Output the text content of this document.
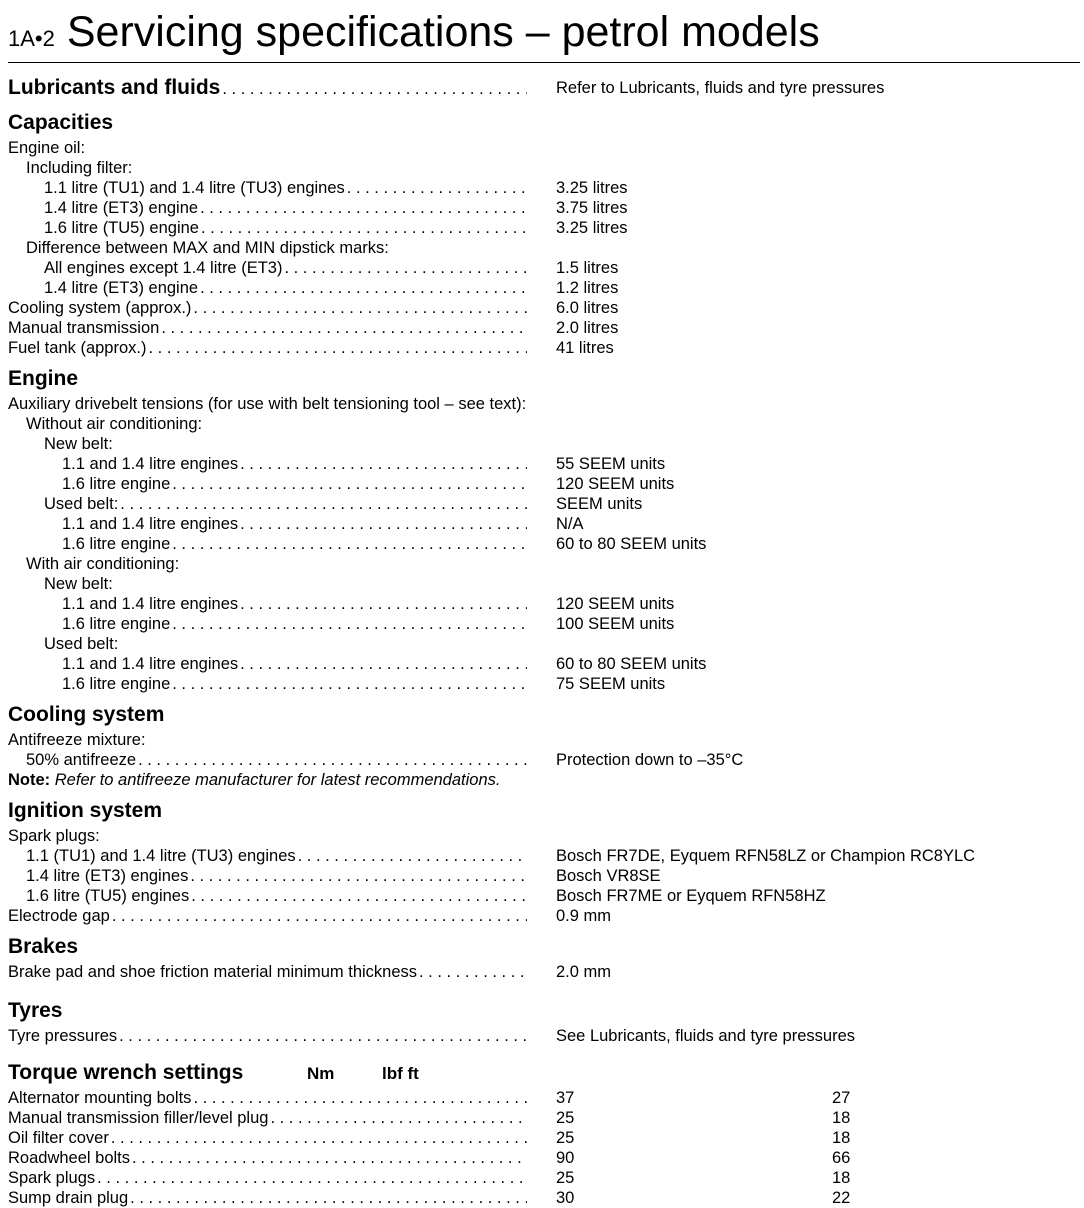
1A•2 Servicing specifications – petrol models
Lubricants and fluids . . .	Refer to Lubricants, fluids and tyre pressures
Capacities
Engine oil:
Including filter:
1.1 litre (TU1) and 1.4 litre (TU3) engines . . .	3.25 litres
1.4 litre (ET3) engine . . .	3.75 litres
1.6 litre (TU5) engine . . .	3.25 litres
Difference between MAX and MIN dipstick marks:
All engines except 1.4 litre (ET3) . . .	1.5 litres
1.4 litre (ET3) engine . . .	1.2 litres
Cooling system (approx.) . . .	6.0 litres
Manual transmission . . .	2.0 litres
Fuel tank (approx.) . . .	41 litres
Engine
Auxiliary drivebelt tensions (for use with belt tensioning tool – see text):
Without air conditioning:
New belt:
1.1 and 1.4 litre engines . . .	55 SEEM units
1.6 litre engine . . .	120 SEEM units
Used belt: . . .	SEEM units
1.1 and 1.4 litre engines . . .	N/A
1.6 litre engine . . .	60 to 80 SEEM units
With air conditioning:
New belt:
1.1 and 1.4 litre engines . . .	120 SEEM units
1.6 litre engine . . .	100 SEEM units
Used belt:
1.1 and 1.4 litre engines . . .	60 to 80 SEEM units
1.6 litre engine . . .	75 SEEM units
Cooling system
Antifreeze mixture:
50% antifreeze . . .	Protection down to –35°C
Note: Refer to antifreeze manufacturer for latest recommendations.
Ignition system
Spark plugs:
1.1 (TU1) and 1.4 litre (TU3) engines . . .	Bosch FR7DE, Eyquem RFN58LZ or Champion RC8YLC
1.4 litre (ET3) engines . . .	Bosch VR8SE
1.6 litre (TU5) engines . . .	Bosch FR7ME or Eyquem RFN58HZ
Electrode gap . . .	0.9 mm
Brakes
Brake pad and shoe friction material minimum thickness . . .	2.0 mm
Tyres
Tyre pressures . . .	See Lubricants, fluids and tyre pressures
Torque wrench settings	Nm	lbf ft
Alternator mounting bolts . . .	37	27
Manual transmission filler/level plug . . .	25	18
Oil filter cover . . .	25	18
Roadwheel bolts . . .	90	66
Spark plugs . . .	25	18
Sump drain plug . . .	30	22
